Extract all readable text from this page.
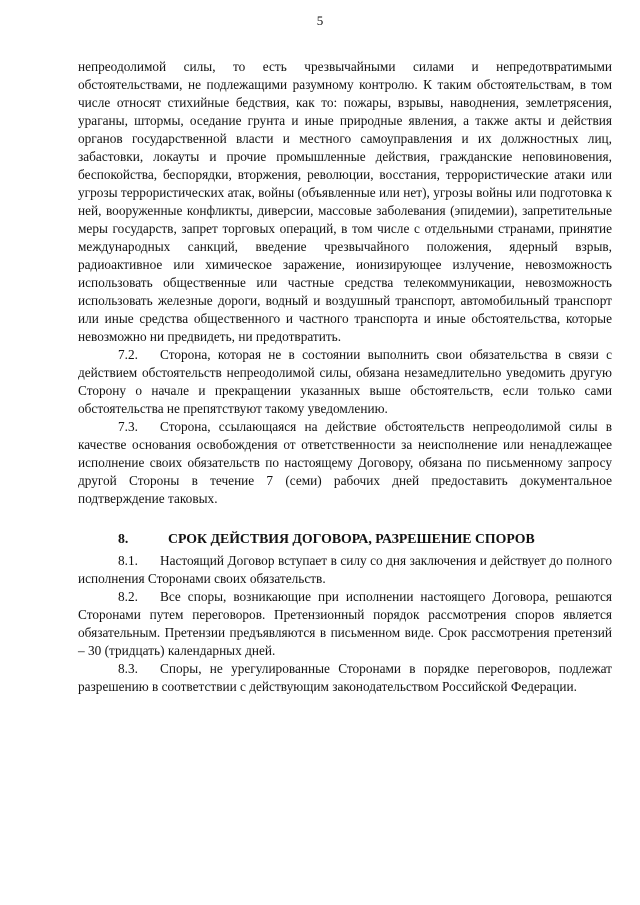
5

непреодолимой силы, то есть чрезвычайными силами и непредотвратимыми обстоятельствами, не подлежащими разумному контролю. К таким обстоятельствам, в том числе относят стихийные бедствия, как то: пожары, взрывы, наводнения, землетрясения, ураганы, штормы, оседание грунта и иные природные явления, а также акты и действия органов государственной власти и местного самоуправления и их должностных лиц, забастовки, локауты и прочие промышленные действия, гражданские неповиновения, беспокойства, беспорядки, вторжения, революции, восстания, террористические атаки или угрозы террористических атак, войны (объявленные или нет), угрозы войны или подготовка к ней, вооруженные конфликты, диверсии, массовые заболевания (эпидемии), запретительные меры государств, запрет торговых операций, в том числе с отдельными странами, принятие международных санкций, введение чрезвычайного положения, ядерный взрыв, радиоактивное или химическое заражение, ионизирующее излучение, невозможность использовать общественные или частные средства телекоммуникации, невозможность использовать железные дороги, водный и воздушный транспорт, автомобильный транспорт или иные средства общественного и частного транспорта и иные обстоятельства, которые невозможно ни предвидеть, ни предотвратить.

7.2. Сторона, которая не в состоянии выполнить свои обязательства в связи с действием обстоятельств непреодолимой силы, обязана незамедлительно уведомить другую Сторону о начале и прекращении указанных выше обстоятельств, если только сами обстоятельства не препятствуют такому уведомлению.

7.3. Сторона, ссылающаяся на действие обстоятельств непреодолимой силы в качестве основания освобождения от ответственности за неисполнение или ненадлежащее исполнение своих обязательств по настоящему Договору, обязана по письменному запросу другой Стороны в течение 7 (семи) рабочих дней предоставить документальное подтверждение таковых.

8.	СРОК ДЕЙСТВИЯ ДОГОВОРА, РАЗРЕШЕНИЕ СПОРОВ

8.1. Настоящий Договор вступает в силу со дня заключения и действует до полного исполнения Сторонами своих обязательств.

8.2. Все споры, возникающие при исполнении настоящего Договора, решаются Сторонами путем переговоров. Претензионный порядок рассмотрения споров является обязательным. Претензии предъявляются в письменном виде. Срок рассмотрения претензий – 30 (тридцать) календарных дней.

8.3. Споры, не урегулированные Сторонами в порядке переговоров, подлежат разрешению в соответствии с действующим законодательством Российской Федерации.
